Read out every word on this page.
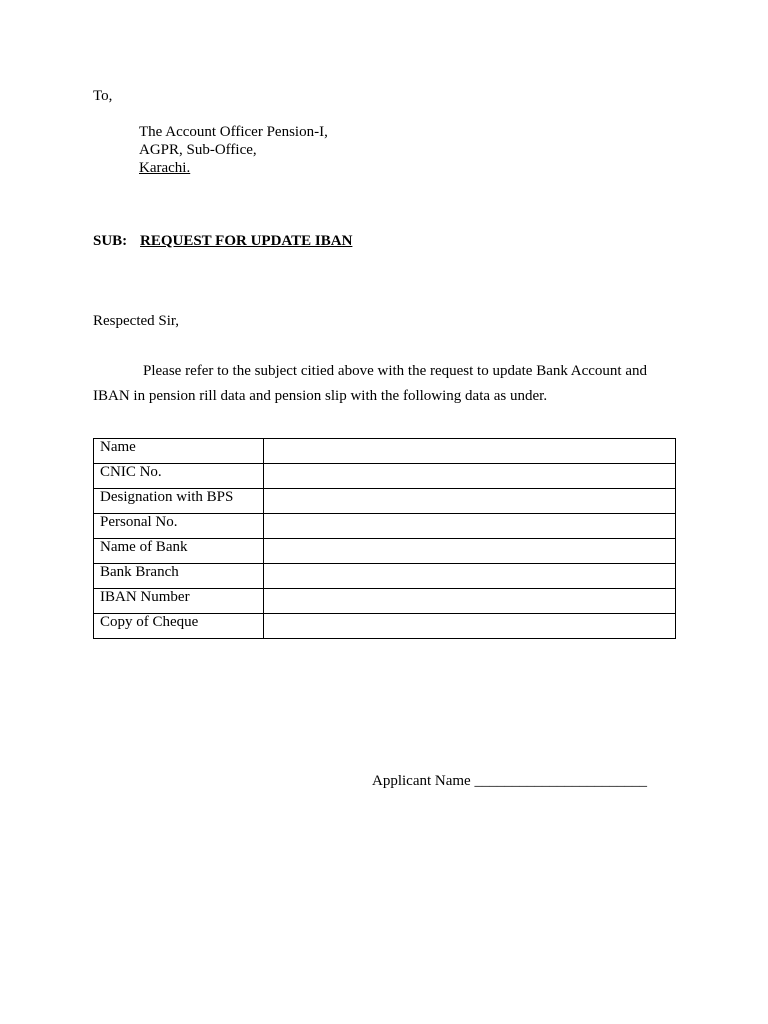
To,
The Account Officer Pension-I,
AGPR, Sub-Office,
Karachi.
SUB: REQUEST FOR UPDATE IBAN
Respected Sir,
Please refer to the subject citied above with the request to update Bank Account and
IBAN in pension rill data and pension slip with the following data as under.
Name	
CNIC No.	
Designation with BPS	
Personal No.	
Name of Bank	
Bank Branch	
IBAN Number	
Copy of Cheque	
Applicant Name _______________________
